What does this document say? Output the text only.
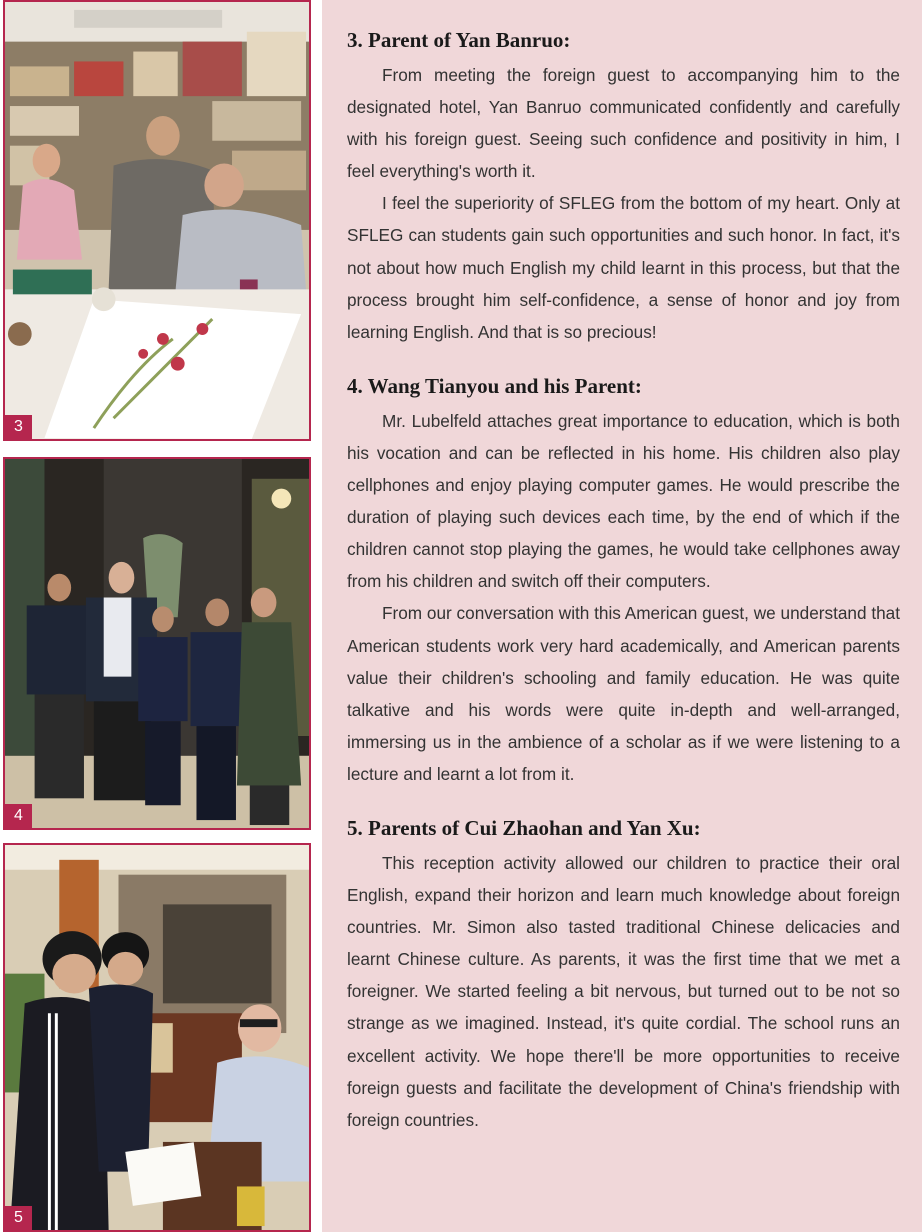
3
4
5
3. Parent of Yan Banruo:

From meeting the foreign guest to accompanying him to the designated hotel, Yan Banruo communicated confidently and carefully with his foreign guest. Seeing such confidence and positivity in him, I feel everything's worth it.

I feel the superiority of SFLEG from the bottom of my heart. Only at SFLEG can students gain such opportunities and such honor. In fact, it's not about how much English my child learnt in this process, but that the process brought him self-confidence, a sense of honor and joy from learning English. And that is so precious!

4. Wang Tianyou and his Parent:

Mr. Lubelfeld attaches great importance to education, which is both his vocation and can be reflected in his home. His children also play cellphones and enjoy playing computer games. He would prescribe the duration of playing such devices each time, by the end of which if the children cannot stop playing the games, he would take cellphones away from his children and switch off their computers.

From our conversation with this American guest, we understand that American students work very hard academically, and American parents value their children's schooling and family education. He was quite talkative and his words were quite in-depth and well-arranged, immersing us in the ambience of a scholar as if we were listening to a lecture and learnt a lot from it.

5. Parents of Cui Zhaohan and Yan Xu:

This reception activity allowed our children to practice their oral English, expand their horizon and learn much knowledge about foreign countries. Mr. Simon also tasted traditional Chinese delicacies and learnt Chinese culture. As parents, it was the first time that we met a foreigner. We started feeling a bit nervous, but turned out to be not so strange as we imagined. Instead, it's quite cordial. The school runs an excellent activity. We hope there'll be more opportunities to receive foreign guests and facilitate the development of China's friendship with foreign countries.
